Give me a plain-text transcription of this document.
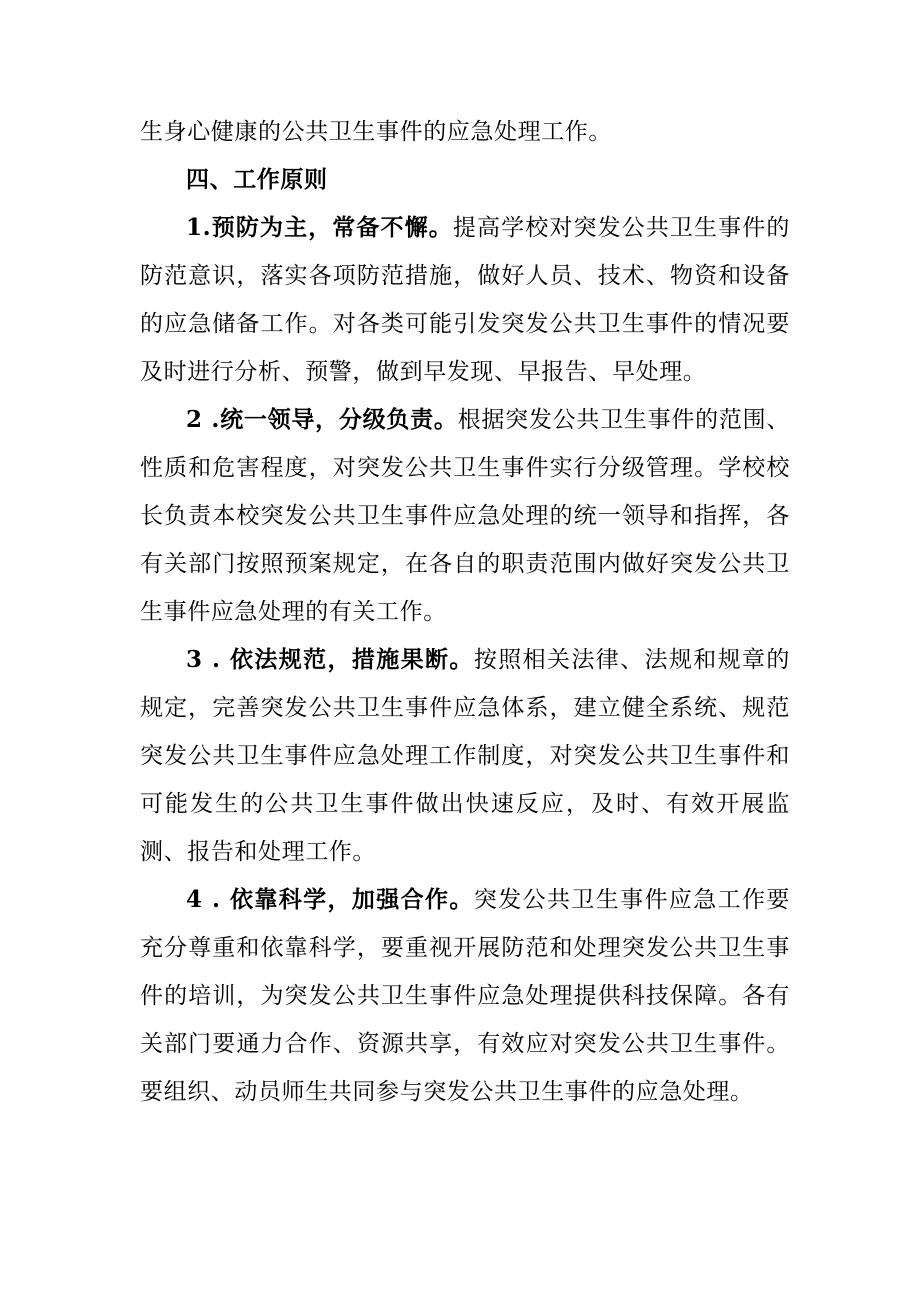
生身心健康的公共卫生事件的应急处理工作。

四、工作原则

1.预防为主，常备不懈。提高学校对突发公共卫生事件的防范意识，落实各项防范措施，做好人员、技术、物资和设备的应急储备工作。对各类可能引发突发公共卫生事件的情况要及时进行分析、预警，做到早发现、早报告、早处理。

2 .统一领导，分级负责。根据突发公共卫生事件的范围、性质和危害程度，对突发公共卫生事件实行分级管理。学校校长负责本校突发公共卫生事件应急处理的统一领导和指挥，各有关部门按照预案规定，在各自的职责范围内做好突发公共卫生事件应急处理的有关工作。

3 . 依法规范，措施果断。按照相关法律、法规和规章的规定，完善突发公共卫生事件应急体系，建立健全系统、规范突发公共卫生事件应急处理工作制度，对突发公共卫生事件和可能发生的公共卫生事件做出快速反应，及时、有效开展监测、报告和处理工作。

4 . 依靠科学，加强合作。突发公共卫生事件应急工作要充分尊重和依靠科学，要重视开展防范和处理突发公共卫生事件的培训，为突发公共卫生事件应急处理提供科技保障。各有关部门要通力合作、资源共享，有效应对突发公共卫生事件。要组织、动员师生共同参与突发公共卫生事件的应急处理。
